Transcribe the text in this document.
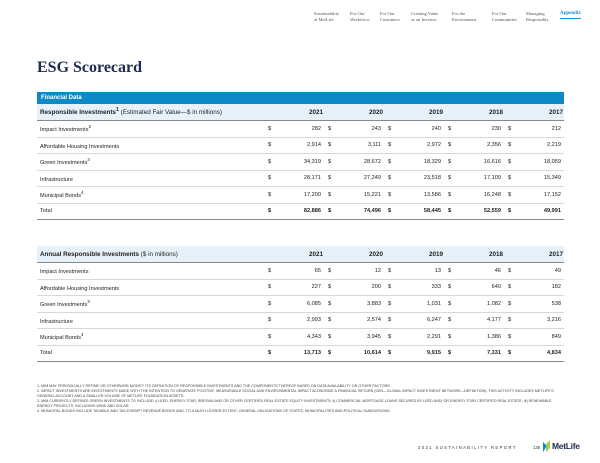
Sustainability
at MetLife
For Our
Workforce
For Our
Customers
Creating Value
as an Investor
For the
Environment
For Our
Communities
Managing
Responsibly
Appendix
ESG Scorecard
Financial Data
Responsible Investments$^1$ (Estimated Fair Value—$ in millions)	2021	2020	2019	2018	2017
Impact Investments$^2$	$ 282	$ 243	$ 240	$ 230	$ 212

Affordable Housing Investments	$ 2,914	$ 3,111	$ 2,972	$ 2,356	$ 2,219

Green Investments$^3$	$ 34,319	$ 28,672	$ 18,329	$ 16,616	$ 18,059

Infrastructure	$ 28,171	$ 27,249	$ 23,518	$ 17,109	$ 15,349

Municipal Bonds$^4$	$ 17,200	$ 15,221	$ 13,586	$ 16,248	$ 17,152

Total	$ 82,886	$ 74,496	$ 58,445	$ 52,559	$ 49,991
Annual Responsible Investments ($ in millions)	2021	2020	2019	2018	2017
Impact Investments	$ 65	$ 12	$ 13	$ 46	$ 49

Affordable Housing Investments	$ 227	$ 200	$ 333	$ 640	$ 182

Green Investments$^3$	$ 6,085	$ 3,883	$ 1,031	$ 1,082	$ 538

Infrastructure	$ 2,993	$ 2,574	$ 6,247	$ 4,177	$ 3,216

Municipal Bonds$^4$	$ 4,343	$ 3,945	$ 2,291	$ 1,386	$ 849

Total	$ 13,713	$ 10,614	$ 9,915	$ 7,331	$ 4,834

1. MIM MAY PERIODICALLY REFINE OR OTHERWISE MODIFY ITS DEFINITION OF RESPONSIBLE INVESTMENTS AND THE COMPONENTS THEREOF BASED ON DATA AVAILABILITY OR OTHER FACTORS.

2. IMPACT INVESTMENTS ARE INVESTMENTS MADE WITH THE INTENTION TO GENERATE POSITIVE, MEASURABLE SOCIAL AND ENVIRONMENTAL IMPACT ALONGSIDE A FINANCIAL RETURN (GIIN—GLOBAL IMPACT INVESTMENT NETWORK—DEFINITION). THIS ACTIVITY INCLUDES METLIFE'S GENERAL ACCOUNT AND A SMALLER VOLUME OF METLIFE FOUNDATION ASSETS.

3. MIM CURRENTLY DEFINES GREEN INVESTMENTS TO INCLUDE: i) LEED, ENERGY STAR, BREEAM AND OR OTHER CERTIFIED REAL ESTATE EQUITY INVESTMENTS; ii) COMMERCIAL MORTGAGE LOANS SECURED BY LEED AND/ OR ENERGY STAR CERTIFIED REAL ESTATE; iii) RENEWABLE ENERGY PROJECTS, INCLUDING WIND AND SOLAR.

4. MUNICIPAL BONDS INCLUDE TAXABLE AND TAX-EXEMPT REVENUE BONDS AND, TO A MUCH LESSER EXTENT, GENERAL OBLIGATIONS OF STATES, MUNICIPALITIES AND POLITICAL SUBDIVISIONS.

2021 SUSTAINABILITY REPORT	136 MetLife
